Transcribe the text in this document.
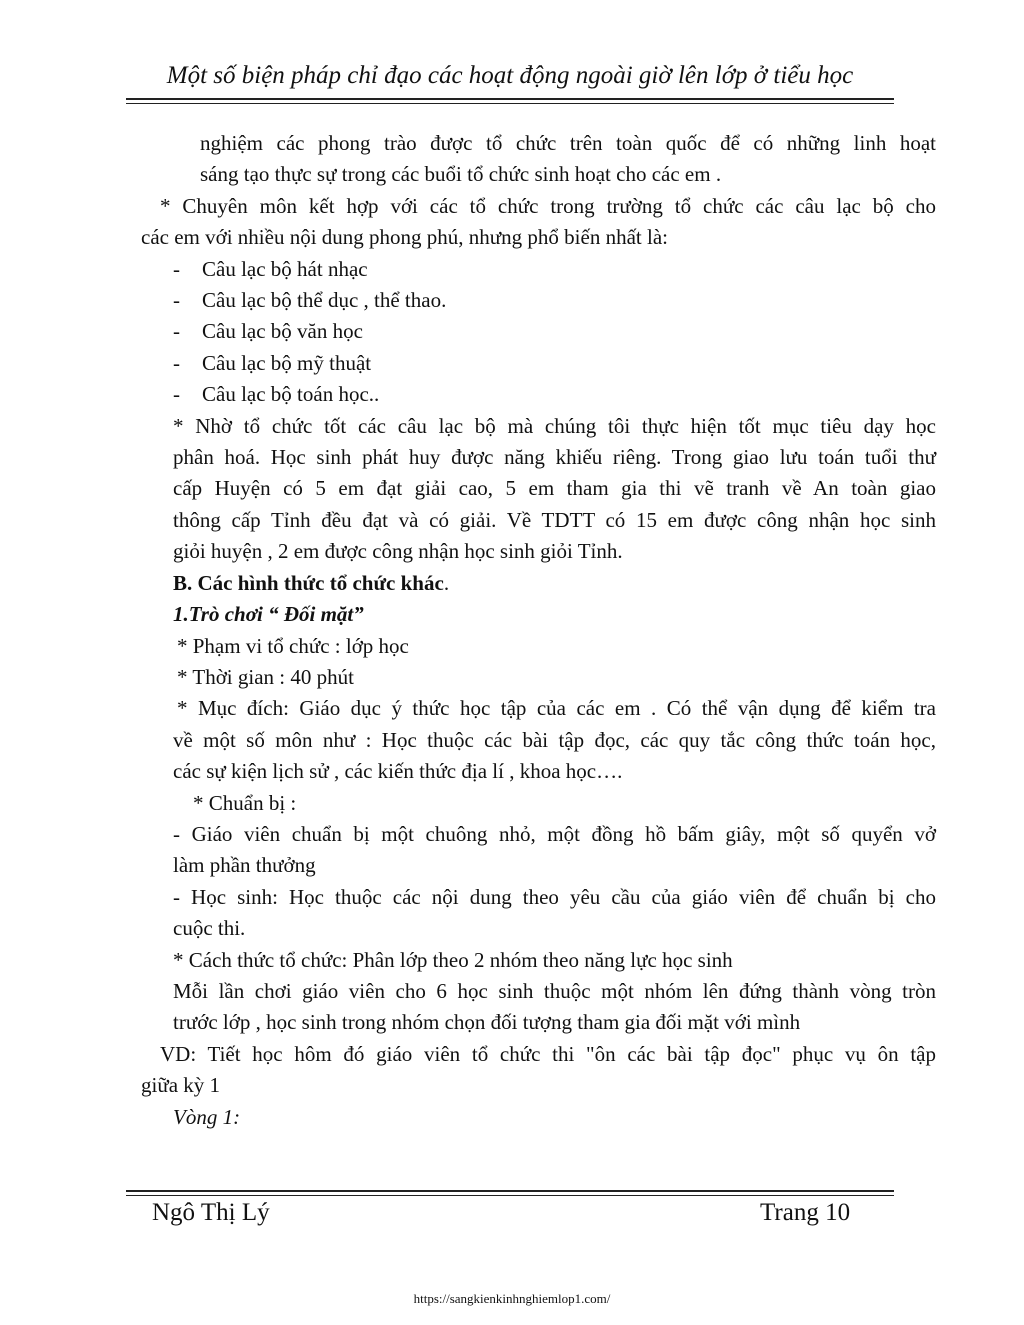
Một số biện pháp chỉ đạo các hoạt động ngoài giờ lên lớp ở tiểu học
nghiệm các phong trào được tổ chức trên toàn quốc để có những linh hoạt
sáng tạo thực sự trong các buổi tổ chức sinh hoạt cho các em .
* Chuyên môn kết hợp với các tổ chức trong trường tổ chức các câu lạc bộ cho
các em với nhiều nội dung phong phú, nhưng phổ biến nhất là:
- Câu lạc bộ hát nhạc
- Câu lạc bộ thể dục , thể thao.
- Câu lạc bộ văn học
- Câu lạc bộ mỹ thuật
- Câu lạc bộ toán học..
* Nhờ tổ chức tốt các câu lạc bộ mà chúng tôi thực hiện tốt mục tiêu dạy học
phân hoá. Học sinh phát huy được năng khiếu riêng. Trong giao lưu toán tuổi thư
cấp Huyện có 5 em đạt giải cao, 5 em tham gia thi vẽ tranh về An toàn giao
thông cấp Tỉnh đều đạt và có giải. Về TDTT có 15 em được công nhận học sinh
giỏi huyện , 2 em được công nhận học sinh giỏi Tỉnh.
B. Các hình thức tổ chức khác.
1.Trò chơi “ Đối mặt”
* Phạm vi tổ chức : lớp học
* Thời gian : 40 phút
* Mục đích: Giáo dục ý thức học tập của các em . Có thể vận dụng để kiểm tra
về một số môn như : Học thuộc các bài tập đọc, các quy tắc công thức toán học,
các sự kiện lịch sử , các kiến thức địa lí , khoa học….
* Chuẩn bị :
- Giáo viên chuẩn bị một chuông nhỏ, một đồng hồ bấm giây, một số quyển vở
làm phần thưởng
- Học sinh: Học thuộc các nội dung theo yêu cầu của giáo viên để chuẩn bị cho
cuộc thi.
* Cách thức tổ chức: Phân lớp theo 2 nhóm theo năng lực học sinh
Mỗi lần chơi giáo viên cho 6 học sinh thuộc một nhóm lên đứng thành vòng tròn
trước lớp , học sinh trong nhóm chọn đối tượng tham gia đối mặt với mình
VD: Tiết học hôm đó giáo viên tổ chức thi "ôn các bài tập đọc" phục vụ ôn tập
giữa kỳ 1
Vòng 1:
Ngô Thị Lý	Trang 10
https://sangkienkinhnghiemlop1.com/
